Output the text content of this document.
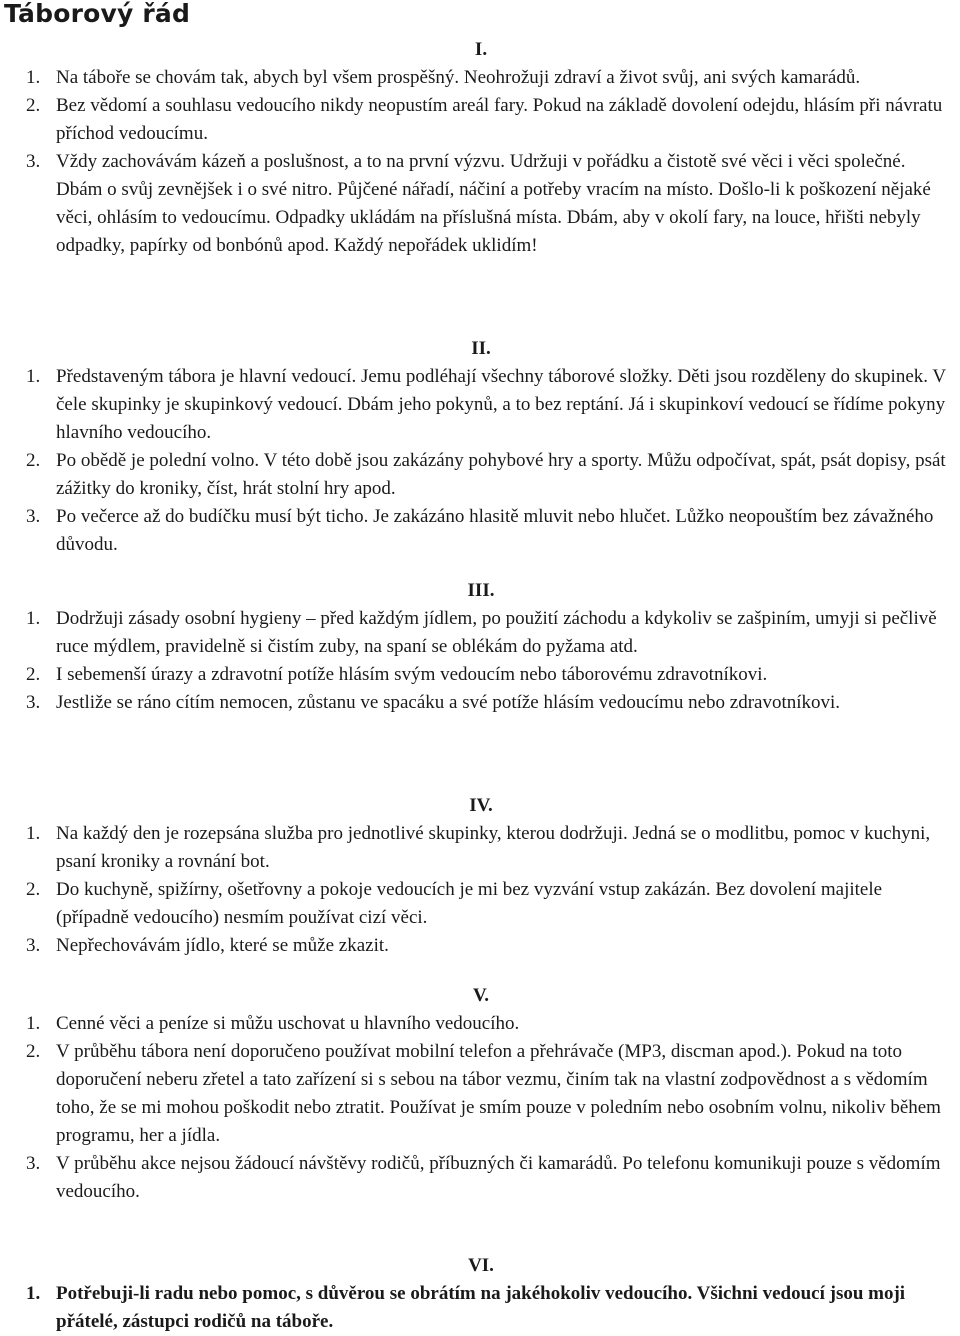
Táborový řád
I.
1. Na táboře se chovám tak, abych byl všem prospěšný. Neohrožuji zdraví a život svůj, ani svých kamarádů.
2. Bez vědomí a souhlasu vedoucího nikdy neopustím areál fary. Pokud na základě dovolení odejdu, hlásím při návratu příchod vedoucímu.
3. Vždy zachovávám kázeň a poslušnost, a to na první výzvu. Udržuji v pořádku a čistotě své věci i věci společné. Dbám o svůj zevnějšek i o své nitro. Půjčené nářadí, náčiní a potřeby vracím na místo. Došlo-li k poškození nějaké věci, ohlásím to vedoucímu. Odpadky ukládám na příslušná místa. Dbám, aby v okolí fary, na louce, hřišti nebyly odpadky, papírky od bonbónů apod. Každý nepořádek uklidím!
II.
1. Představeným tábora je hlavní vedoucí. Jemu podléhají všechny táborové složky. Děti jsou rozděleny do skupinek. V čele skupinky je skupinkový vedoucí. Dbám jeho pokynů, a to bez reptání. Já i skupinkoví vedoucí se řídíme pokyny hlavního vedoucího.
2. Po obědě je polední volno. V této době jsou zakázány pohybové hry a sporty. Můžu odpočívat, spát, psát dopisy, psát zážitky do kroniky, číst, hrát stolní hry apod.
3. Po večerce až do budíčku musí být ticho. Je zakázáno hlasitě mluvit nebo hlučet. Lůžko neopouštím bez závažného důvodu.
III.
1. Dodržuji zásady osobní hygieny – před každým jídlem, po použití záchodu a kdykoliv se zašpiním, umyji si pečlivě ruce mýdlem, pravidelně si čistím zuby, na spaní se oblékám do pyžama atd.
2. I sebemenší úrazy a zdravotní potíže hlásím svým vedoucím nebo táborovému zdravotníkovi.
3. Jestliže se ráno cítím nemocen, zůstanu ve spacáku a své potíže hlásím vedoucímu nebo zdravotníkovi.
IV.
1. Na každý den je rozepsána služba pro jednotlivé skupinky, kterou dodržuji. Jedná se o modlitbu, pomoc v kuchyni, psaní kroniky a rovnání bot.
2. Do kuchyně, spižírny, ošetřovny a pokoje vedoucích je mi bez vyzvání vstup zakázán. Bez dovolení majitele (případně vedoucího) nesmím používat cizí věci.
3. Nepřechovávám jídlo, které se může zkazit.
V.
1. Cenné věci a peníze si můžu uschovat u hlavního vedoucího.
2. V průběhu tábora není doporučeno používat mobilní telefon a přehrávače (MP3, discman apod.). Pokud na toto doporučení neberu zřetel a tato zařízení si s sebou na tábor vezmu, činím tak na vlastní zodpovědnost a s vědomím toho, že se mi mohou poškodit nebo ztratit. Používat je smím pouze v poledním nebo osobním volnu, nikoliv během programu, her a jídla.
3. V průběhu akce nejsou žádoucí návštěvy rodičů, příbuzných či kamarádů. Po telefonu komunikuji pouze s vědomím vedoucího.
VI.
1. Potřebuji-li radu nebo pomoc, s důvěrou se obrátím na jakéhokoliv vedoucího. Všichni vedoucí jsou moji přátelé, zástupci rodičů na táboře.
